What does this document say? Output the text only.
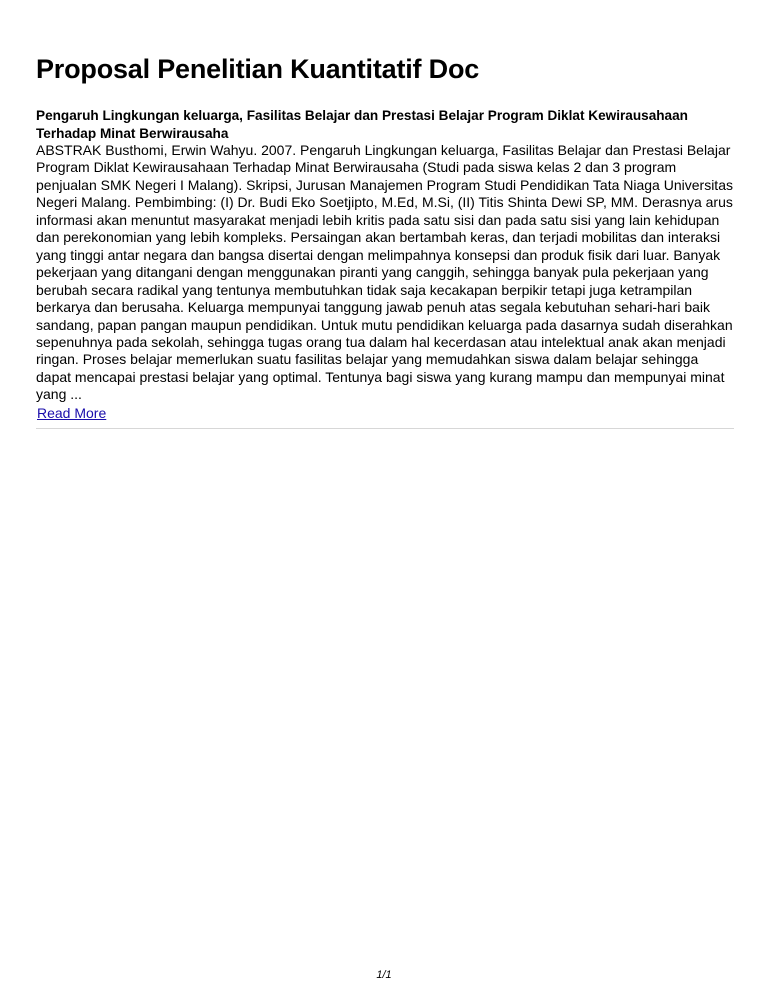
Proposal Penelitian Kuantitatif Doc

Pengaruh Lingkungan keluarga, Fasilitas Belajar dan Prestasi Belajar Program Diklat Kewirausahaan Terhadap Minat Berwirausaha

ABSTRAK Busthomi, Erwin Wahyu. 2007. Pengaruh Lingkungan keluarga, Fasilitas Belajar dan Prestasi Belajar Program Diklat Kewirausahaan Terhadap Minat Berwirausaha (Studi pada siswa kelas 2 dan 3 program penjualan SMK Negeri I Malang). Skripsi, Jurusan Manajemen Program Studi Pendidikan Tata Niaga Universitas Negeri Malang. Pembimbing: (I) Dr. Budi Eko Soetjipto, M.Ed, M.Si, (II) Titis Shinta Dewi SP, MM. Derasnya arus informasi akan menuntut masyarakat menjadi lebih kritis pada satu sisi dan pada satu sisi yang lain kehidupan dan perekonomian yang lebih kompleks. Persaingan akan bertambah keras, dan terjadi mobilitas dan interaksi yang tinggi antar negara dan bangsa disertai dengan melimpahnya konsepsi dan produk fisik dari luar. Banyak pekerjaan yang ditangani dengan menggunakan piranti yang canggih, sehingga banyak pula pekerjaan yang berubah secara radikal yang tentunya membutuhkan tidak saja kecakapan berpikir tetapi juga ketrampilan berkarya dan berusaha. Keluarga mempunyai tanggung jawab penuh atas segala kebutuhan sehari-hari baik sandang, papan pangan maupun pendidikan. Untuk mutu pendidikan keluarga pada dasarnya sudah diserahkan sepenuhnya pada sekolah, sehingga tugas orang tua dalam hal kecerdasan atau intelektual anak akan menjadi ringan. Proses belajar memerlukan suatu fasilitas belajar yang memudahkan siswa dalam belajar sehingga dapat mencapai prestasi belajar yang optimal. Tentunya bagi siswa yang kurang mampu dan mempunyai minat yang ...

Read More
1/1
